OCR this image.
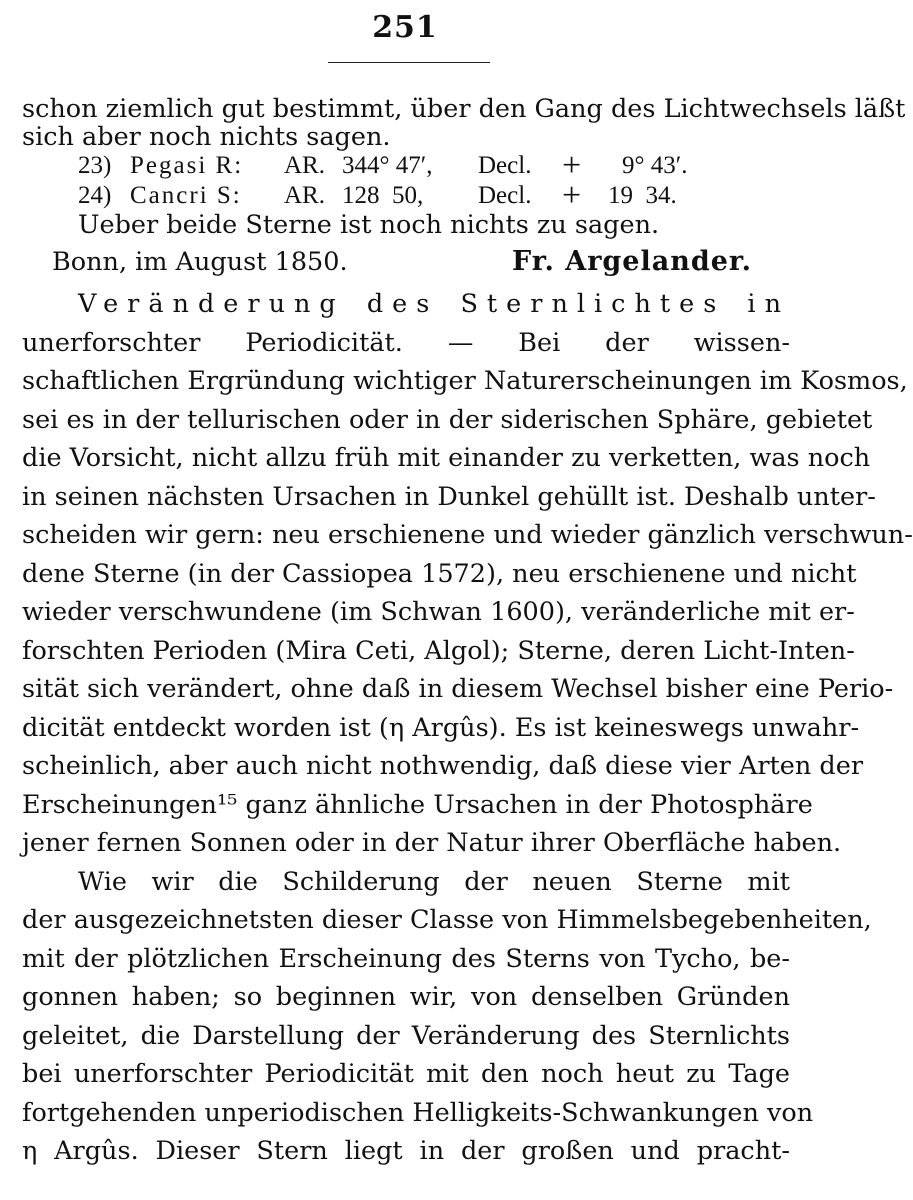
251
schon ziemlich gut bestimmt, über den Gang des Lichtwechsels läßt
sich aber noch nichts sagen.
23) Pegasi R: AR. 344° 47′, Decl. + 9° 43′.
24) Cancri S: AR. 128  50, Decl. + 19  34.
Ueber beide Sterne ist noch nichts zu sagen.
Bonn, im August 1850.	Fr. Argelander.
Veränderung des Sternlichtes in
unerforschter Periodicität. — Bei der wissen-
schaftlichen Ergründung wichtiger Naturerscheinungen im Kosmos,
sei es in der tellurischen oder in der siderischen Sphäre, gebietet
die Vorsicht, nicht allzu früh mit einander zu verketten, was noch
in seinen nächsten Ursachen in Dunkel gehüllt ist. Deshalb unter-
scheiden wir gern: neu erschienene und wieder gänzlich verschwun-
dene Sterne (in der Cassiopea 1572), neu erschienene und nicht
wieder verschwundene (im Schwan 1600), veränderliche mit er-
forschten Perioden (Mira Ceti, Algol); Sterne, deren Licht-Inten-
sität sich verändert, ohne daß in diesem Wechsel bisher eine Perio-
dicität entdeckt worden ist (η Argûs). Es ist keineswegs unwahr-
scheinlich, aber auch nicht nothwendig, daß diese vier Arten der
Erscheinungen¹⁵ ganz ähnliche Ursachen in der Photosphäre
jener fernen Sonnen oder in der Natur ihrer Oberfläche haben.
Wie wir die Schilderung der neuen Sterne mit
der ausgezeichnetsten dieser Classe von Himmelsbegebenheiten,
mit der plötzlichen Erscheinung des Sterns von Tycho, be-
gonnen haben; so beginnen wir, von denselben Gründen
geleitet, die Darstellung der Veränderung des Sternlichts
bei unerforschter Periodicität mit den noch heut zu Tage
fortgehenden unperiodischen Helligkeits-Schwankungen von
η Argûs. Dieser Stern liegt in der großen und pracht-
